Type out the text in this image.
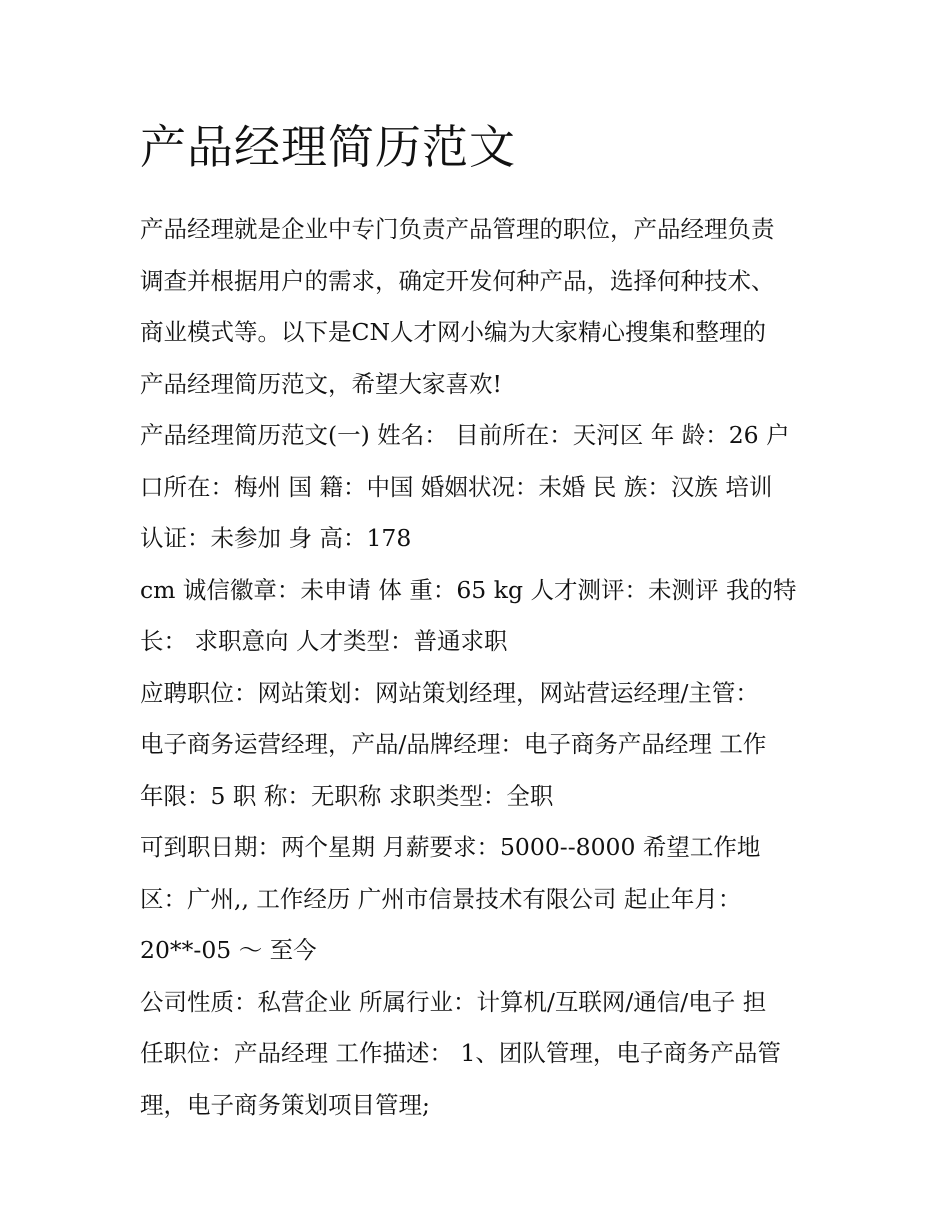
产品经理简历范文

产品经理就是企业中专门负责产品管理的职位，产品经理负责
调查并根据用户的需求，确定开发何种产品，选择何种技术、
商业模式等。以下是CN人才网小编为大家精心搜集和整理的
产品经理简历范文，希望大家喜欢!

产品经理简历范文(一) 姓名： 目前所在：天河区 年 龄：26 户
口所在：梅州 国 籍：中国 婚姻状况：未婚 民 族：汉族 培训
认证：未参加 身 高：178

cm 诚信徽章：未申请 体 重：65 kg 人才测评：未测评 我的特
长： 求职意向 人才类型：普通求职

应聘职位：网站策划：网站策划经理，网站营运经理/主管：
电子商务运营经理，产品/品牌经理：电子商务产品经理 工作
年限：5 职 称：无职称 求职类型：全职

可到职日期：两个星期 月薪要求：5000--8000 希望工作地
区：广州,, 工作经历 广州市信景技术有限公司 起止年月：
20**-05 ～ 至今

公司性质：私营企业 所属行业：计算机/互联网/通信/电子 担
任职位：产品经理 工作描述： 1、团队管理，电子商务产品管
理，电子商务策划项目管理;
